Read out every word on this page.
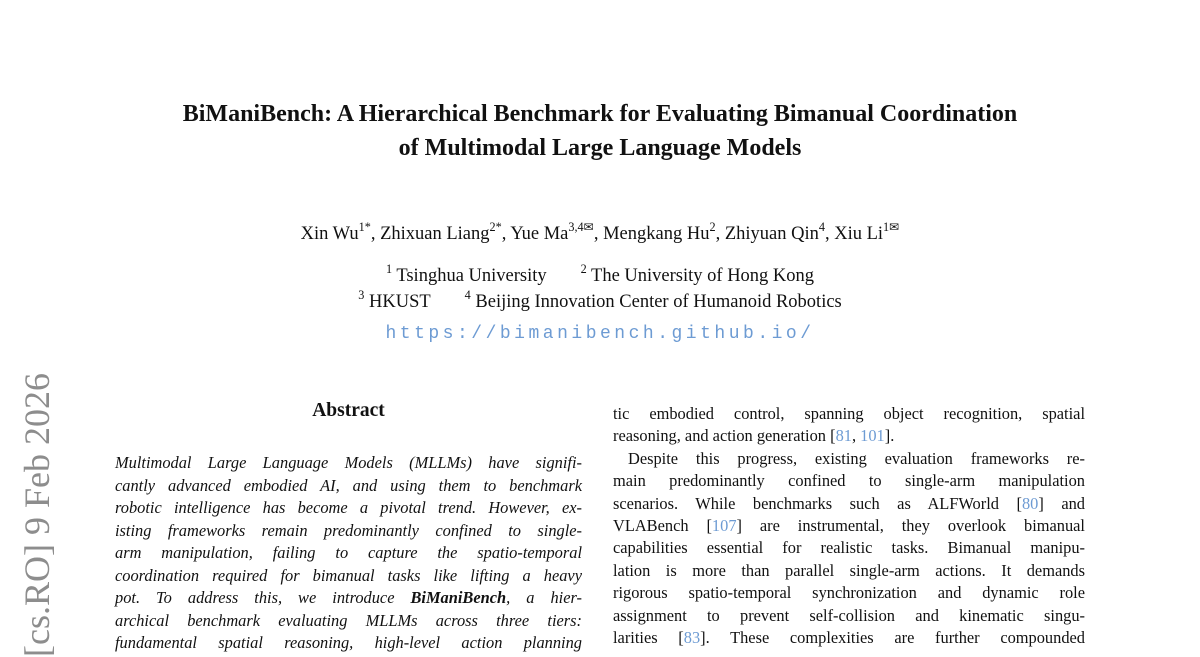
[cs.RO] 9 Feb 2026
BiManiBench: A Hierarchical Benchmark for Evaluating Bimanual Coordination
of Multimodal Large Language Models
Xin $Wu^{1*}$, Zhixuan Liang$^{2*}$, Yue $Ma^{3,4✉}$, Mengkang Hu$^2$, Zhiyuan Qin$^4$, Xiu $Li^{1✉}$
$^1$ Tsinghua University	$^2$ The University of Hong Kong
$^3$ HKUST	$^4$ Beijing Innovation Center of Humanoid Robotics
https://bimanibench.github.io/
Abstract
Multimodal Large Language Models (MLLMs) have signifi-
cantly advanced embodied AI, and using them to benchmark
robotic intelligence has become a pivotal trend. However, ex-
isting frameworks remain predominantly confined to single-
arm manipulation, failing to capture the spatio-temporal
coordination required for bimanual tasks like lifting a heavy
pot. To address this, we introduce BiManiBench, a hier-
archical benchmark evaluating MLLMs across three tiers:
fundamental spatial reasoning, high-level action planning
tic embodied control, spanning object recognition, spatial
reasoning, and action generation [81, 101].
Despite this progress, existing evaluation frameworks re-
main predominantly confined to single-arm manipulation
scenarios. While benchmarks such as ALFWorld [80] and
VLABench [107] are instrumental, they overlook bimanual
capabilities essential for realistic tasks. Bimanual manipu-
lation is more than parallel single-arm actions. It demands
rigorous spatio-temporal synchronization and dynamic role
assignment to prevent self-collision and kinematic singu-
larities [83]. These complexities are further compounded
